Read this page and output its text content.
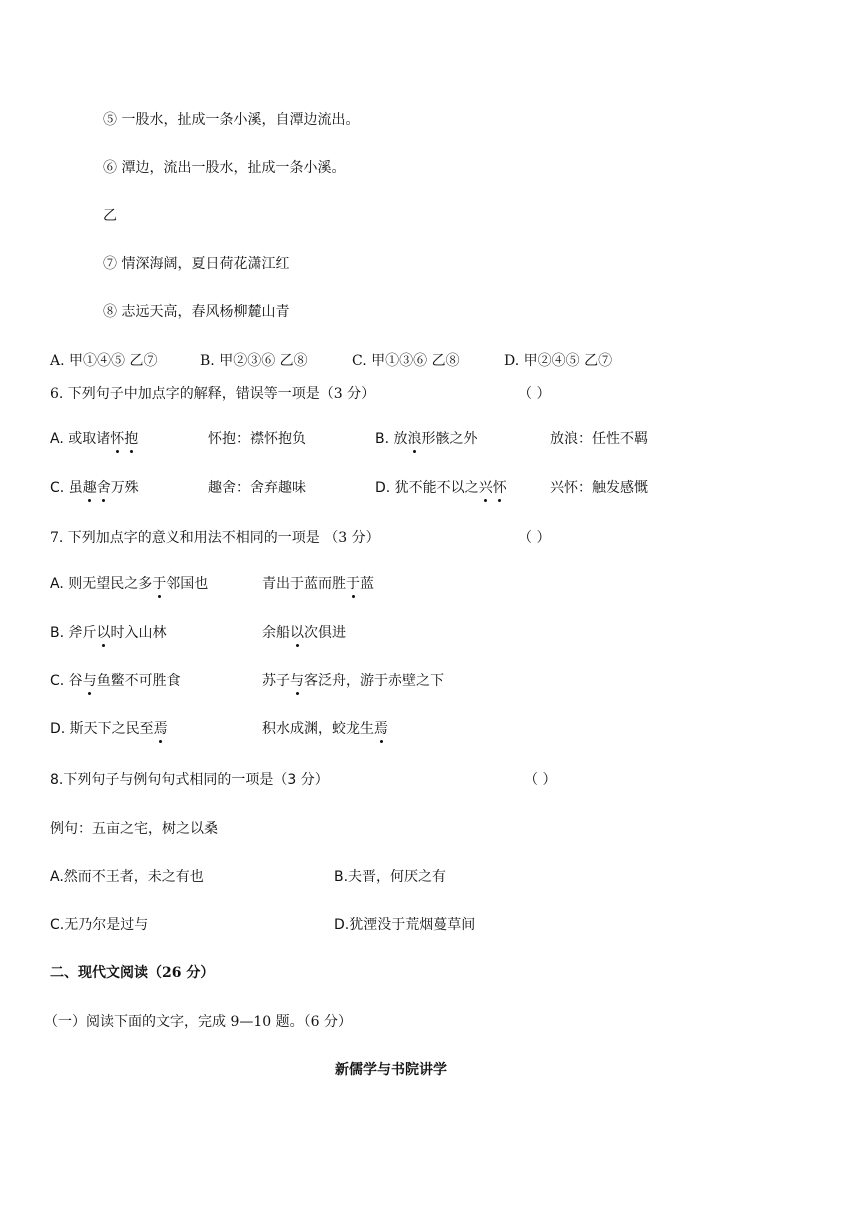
⑤ 一股水，扯成一条小溪，自潭边流出。
⑥ 潭边，流出一股水，扯成一条小溪。
乙
⑦ 情深海阔，夏日荷花潇江红
⑧ 志远天高，春风杨柳麓山青
A. 甲①④⑤ 乙⑦	B. 甲②③⑥ 乙⑧	C. 甲①③⑥ 乙⑧	D. 甲②④⑤ 乙⑦
6. 下列句子中加点字的解释，错误等一项是（3 分）	（ ）
A. 或取诸怀抱	怀抱：襟怀抱负	B. 放浪形骸之外	放浪：任性不羁
C. 虽趣舍万殊	趣舍：舍弃趣味	D. 犹不能不以之兴怀	兴怀：触发感慨
7. 下列加点字的意义和用法不相同的一项是 （3 分）	（ ）
A. 则无望民之多于邻国也	青出于蓝而胜于蓝
B. 斧斤以时入山林	余船以次俱进
C. 谷与鱼鳖不可胜食	苏子与客泛舟，游于赤壁之下
D. 斯天下之民至焉	积水成渊，蛟龙生焉
8.下列句子与例句句式相同的一项是（3 分）	（ ）
例句：五亩之宅，树之以桑
A.然而不王者，未之有也	B.夫晋，何厌之有
C.无乃尔是过与	D.犹湮没于荒烟蔓草间
二、现代文阅读（26 分）
（一）阅读下面的文字，完成 9—10 题。（6 分）
新儒学与书院讲学
